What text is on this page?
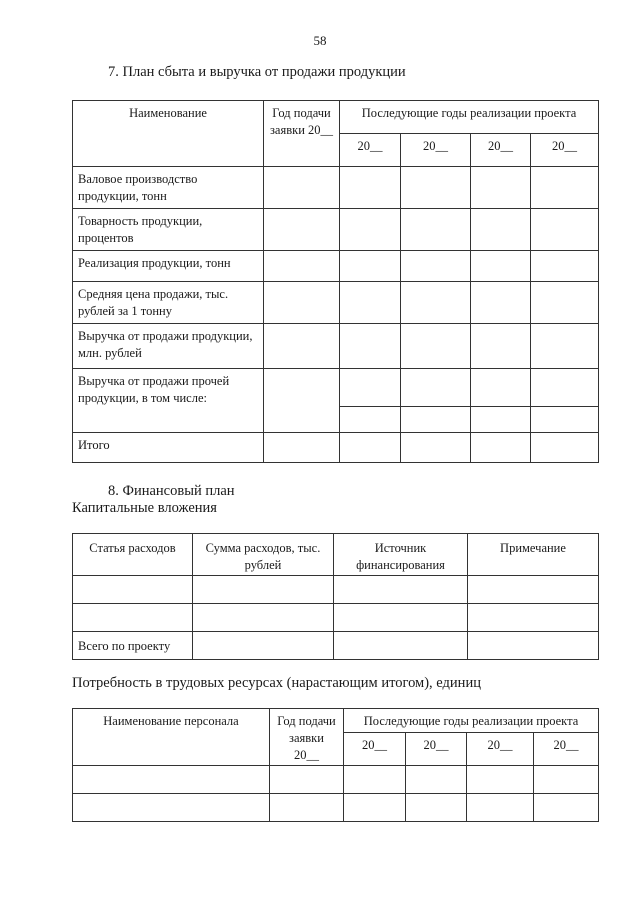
58
7. План сбыта и выручка от продажи продукции
Наименование	Год подачи заявки 20__	Последующие годы реализации проекта			
		20__	20__	20__	20__
Валовое производство продукции, тонн					
Товарность продукции, процентов					
Реализация продукции, тонн					
Средняя цена продажи, тыс. рублей за 1 тонну					
Выручка от продажи продукции, млн. рублей					
Выручка от продажи прочей продукции, в том числе:					

Итого					
8. Финансовый план
Капитальные вложения
Статья расходов	Сумма расходов, тыс. рублей	Источник финансирования	Примечание

Всего по проекту			
Потребность в трудовых ресурсах (нарастающим итогом), единиц
Наименование персонала	Год подачи заявки 20__	Последующие годы реализации проекта			
		20__	20__	20__	20__
